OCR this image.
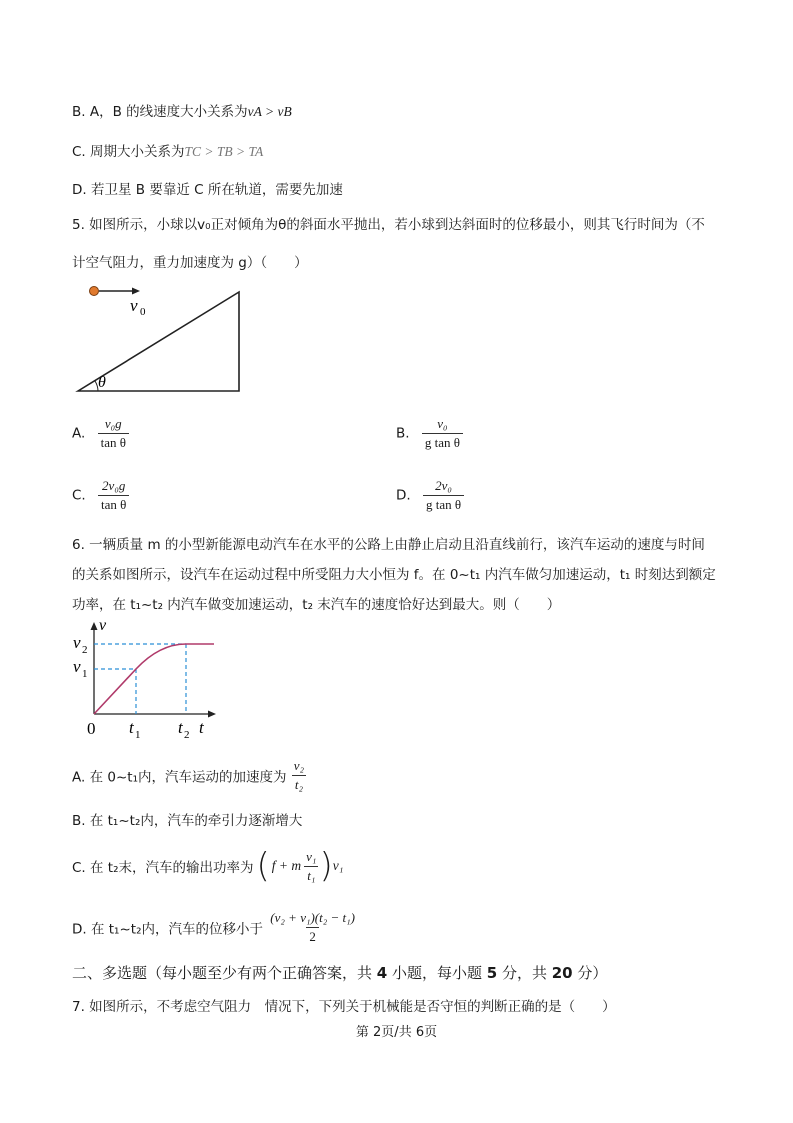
B. A，B 的线速度大小关系为vA > vB
C. 周期大小关系为TC > TB > TA
D. 若卫星 B 要靠近 C 所在轨道，需要先加速
5. 如图所示，小球以v₀正对倾角为θ的斜面水平抛出，若小球到达斜面时的位移最小，则其飞行时间为（不
计空气阻力，重力加速度为 g）（　　）
v 0
θ
A. $\frac{\text{v₀g}}{\text{tan θ}}$	B. $\frac{\text{v₀}}{\text{g tan θ}}$
C. $\frac{\text{2v₀g}}{\text{tan θ}}$	D. $\frac{\text{2v₀}}{\text{g tan θ}}$
6. 一辆质量 m 的小型新能源电动汽车在水平的公路上由静止启动且沿直线前行，该汽车运动的速度与时间
的关系如图所示，设汽车在运动过程中所受阻力大小恒为 f。在 0~t₁ 内汽车做匀加速运动，t₁ 时刻达到额定
功率，在 t₁~t₂ 内汽车做变加速运动，t₂ 末汽车的速度恰好达到最大。则（　　）
v
t
0
v 2
v 1
t 1 t 2
A. 在 0~t₁内，汽车运动的加速度为 $\frac{\text{v₂}}{\text{t₂}}$
B. 在 t₁~t₂内，汽车的牵引力逐渐增大
C. 在 t₂末，汽车的输出功率为 ( f + m $\frac{\text{v₁}}{\text{t₁}}$ ) v₁
D. 在 t₁~t₂内，汽车的位移小于 $\frac{\text{(v₂ + v₁)(t₂ − t₁)}}{2}$
二、多选题（每小题至少有两个正确答案，共 4 小题，每小题 5 分，共 20 分）
7. 如图所示，不考虑空气阻力　情况下，下列关于机械能是否守恒的判断正确的是（　　）
第 2页/共 6页
